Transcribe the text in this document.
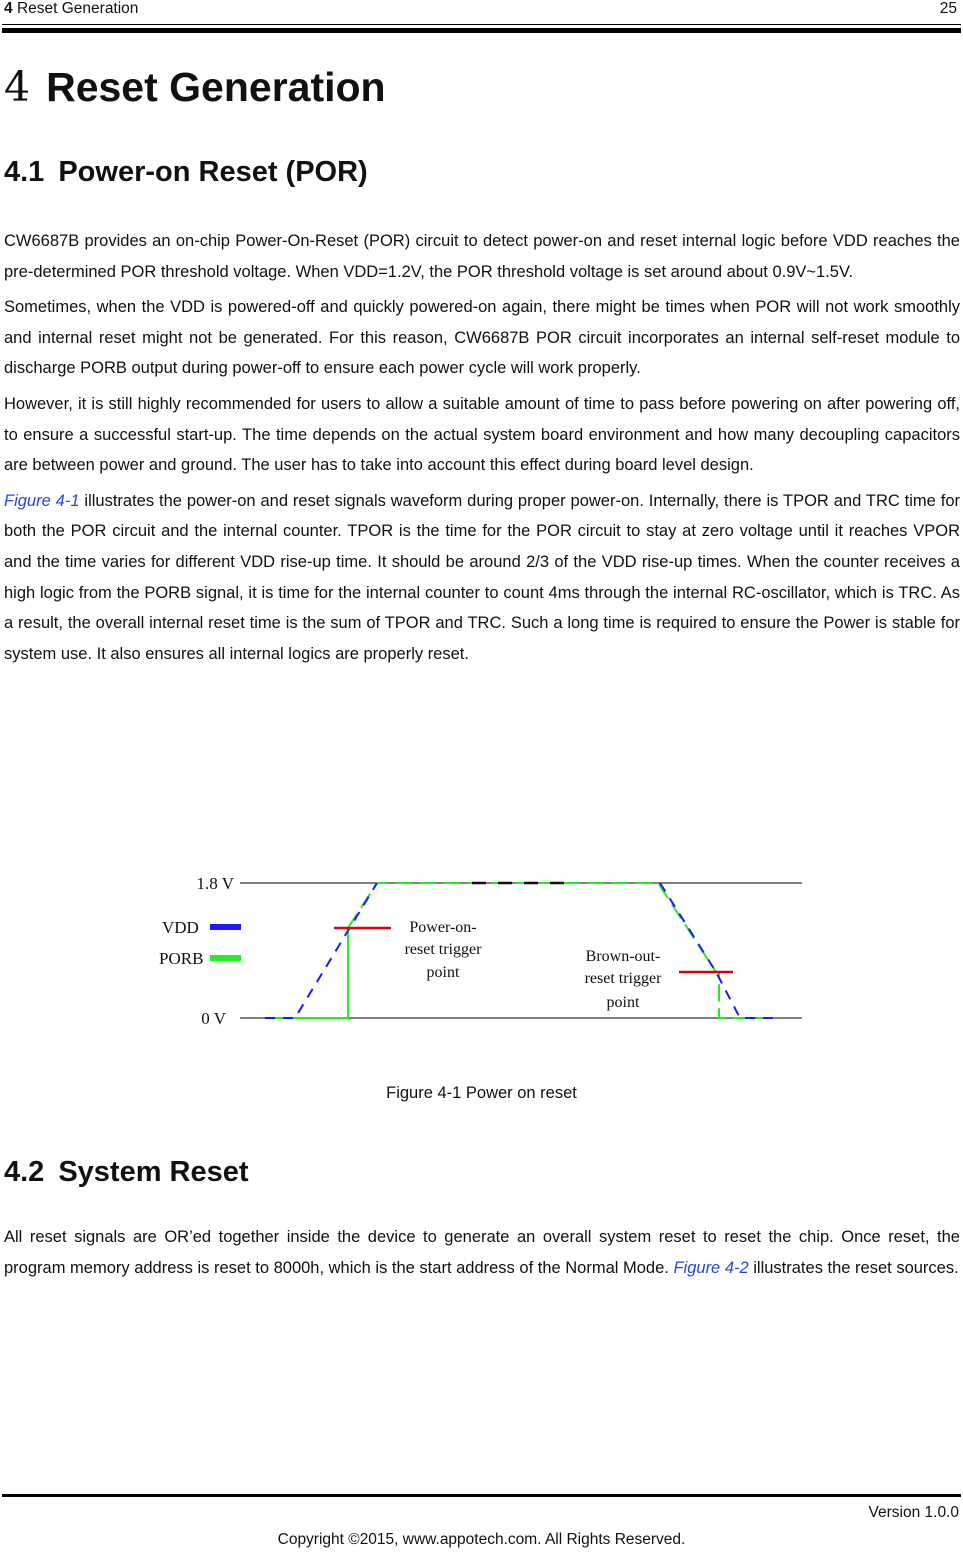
4 Reset Generation	25
4 Reset Generation
4.1 Power-on Reset (POR)

CW6687B provides an on-chip Power-On-Reset (POR) circuit to detect power-on and reset internal logic before VDD reaches the pre-determined POR threshold voltage. When VDD=1.2V, the POR threshold voltage is set around about 0.9V~1.5V.

Sometimes, when the VDD is powered-off and quickly powered-on again, there might be times when POR will not work smoothly and internal reset might not be generated. For this reason, CW6687B POR circuit incorporates an internal self-reset module to discharge PORB output during power-off to ensure each power cycle will work properly.

However, it is still highly recommended for users to allow a suitable amount of time to pass before powering on after powering off, to ensure a successful start-up. The time depends on the actual system board environment and how many decoupling capacitors are between power and ground. The user has to take into account this effect during board level design.

Figure 4-1 illustrates the power-on and reset signals waveform during proper power-on. Internally, there is TPOR and TRC time for both the POR circuit and the internal counter. TPOR is the time for the POR circuit to stay at zero voltage until it reaches VPOR and the time varies for different VDD rise-up time. It should be around 2/3 of the VDD rise-up times. When the counter receives a high logic from the PORB signal, it is time for the internal counter to count 4ms through the internal RC-oscillator, which is TRC. As a result, the overall internal reset time is the sum of TPOR and TRC. Such a long time is required to ensure the Power is stable for system use. It also ensures all internal logics are properly reset.

1.8 V
0 V
VDD
PORB
Power-on-
reset trigger
point
Brown-out-
reset trigger
point
Figure 4-1 Power on reset
4.2 System Reset

All reset signals are OR’ed together inside the device to generate an overall system reset to reset the chip. Once reset, the program memory address is reset to 8000h, which is the start address of the Normal Mode. Figure 4-2 illustrates the reset sources.

Version 1.0.0
Copyright ©2015, www.appotech.com. All Rights Reserved.
